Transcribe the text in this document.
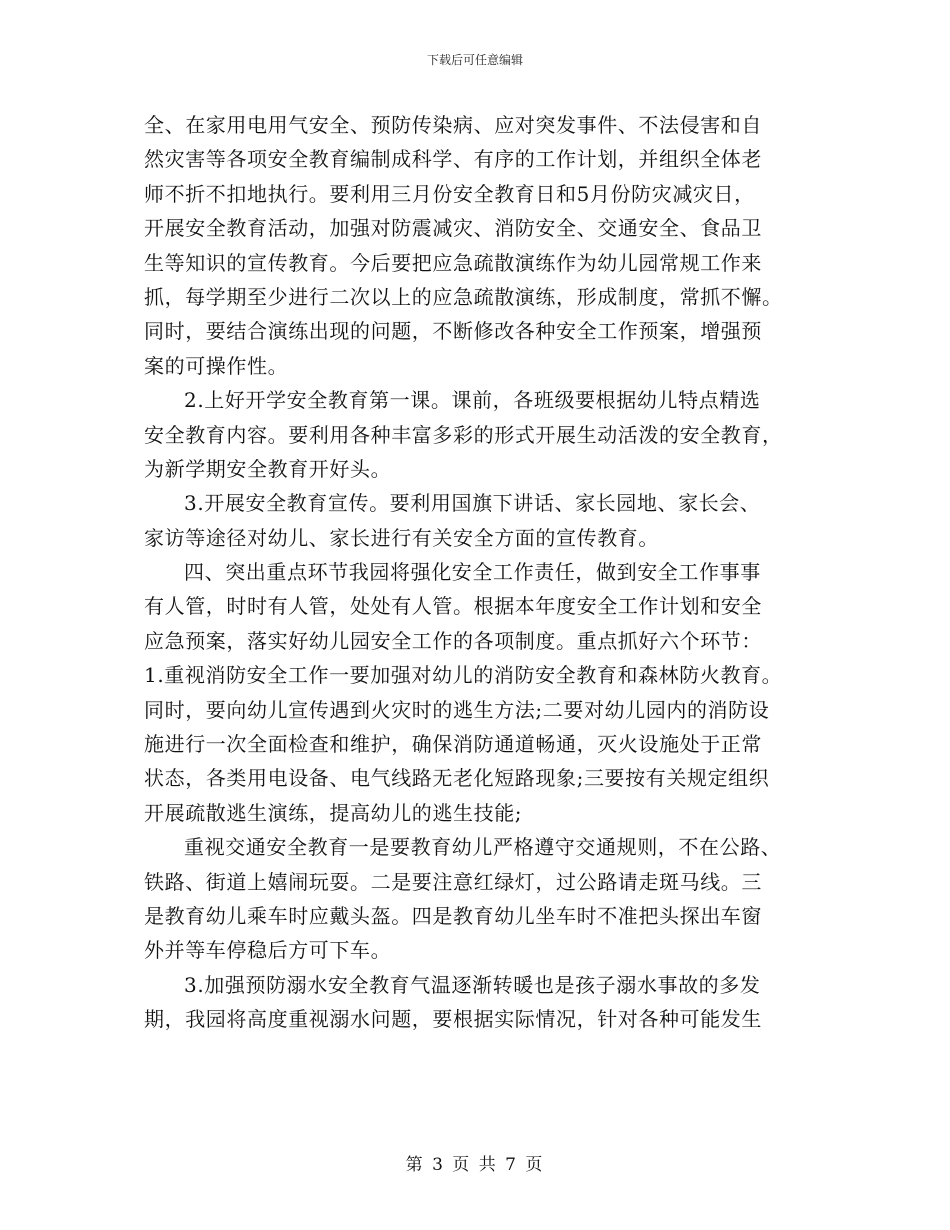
下载后可任意编辑
全、在家用电用气安全、预防传染病、应对突发事件、不法侵害和自
然灾害等各项安全教育编制成科学、有序的工作计划，并组织全体老
师不折不扣地执行。要利用三月份安全教育日和5月份防灾减灾日，
开展安全教育活动，加强对防震减灾、消防安全、交通安全、食品卫
生等知识的宣传教育。今后要把应急疏散演练作为幼儿园常规工作来
抓，每学期至少进行二次以上的应急疏散演练，形成制度，常抓不懈。
同时，要结合演练出现的问题，不断修改各种安全工作预案，增强预
案的可操作性。
2.上好开学安全教育第一课。课前，各班级要根据幼儿特点精选
安全教育内容。要利用各种丰富多彩的形式开展生动活泼的安全教育，
为新学期安全教育开好头。
3.开展安全教育宣传。要利用国旗下讲话、家长园地、家长会、
家访等途径对幼儿、家长进行有关安全方面的宣传教育。
四、突出重点环节我园将强化安全工作责任，做到安全工作事事
有人管，时时有人管，处处有人管。根据本年度安全工作计划和安全
应急预案，落实好幼儿园安全工作的各项制度。重点抓好六个环节：
1.重视消防安全工作一要加强对幼儿的消防安全教育和森林防火教育。
同时，要向幼儿宣传遇到火灾时的逃生方法;二要对幼儿园内的消防设
施进行一次全面检查和维护，确保消防通道畅通，灭火设施处于正常
状态，各类用电设备、电气线路无老化短路现象;三要按有关规定组织
开展疏散逃生演练，提高幼儿的逃生技能;
重视交通安全教育一是要教育幼儿严格遵守交通规则，不在公路、
铁路、街道上嬉闹玩耍。二是要注意红绿灯，过公路请走斑马线。三
是教育幼儿乘车时应戴头盔。四是教育幼儿坐车时不准把头探出车窗
外并等车停稳后方可下车。
3.加强预防溺水安全教育气温逐渐转暖也是孩子溺水事故的多发
期，我园将高度重视溺水问题，要根据实际情况，针对各种可能发生
第 3 页 共 7 页
